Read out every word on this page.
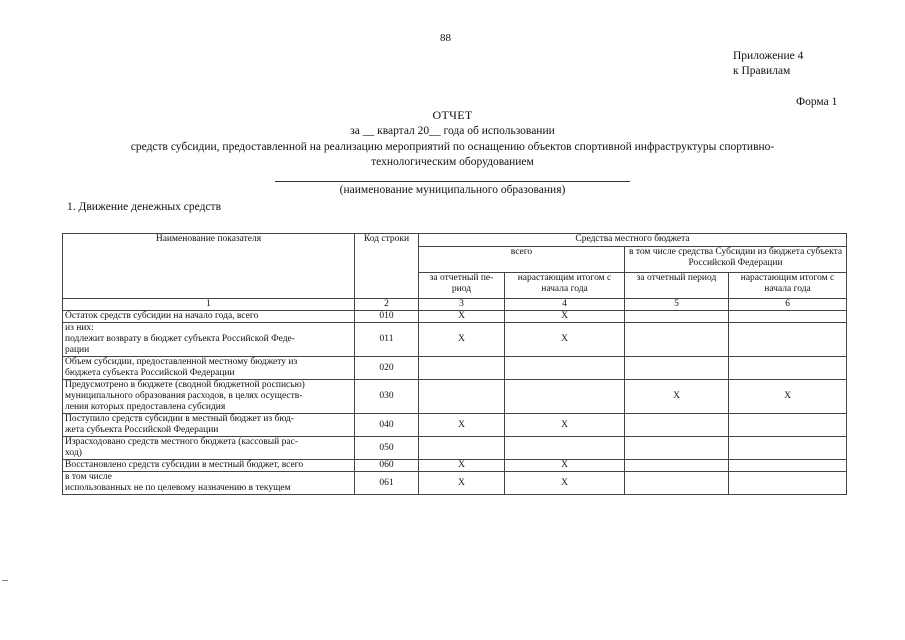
88
Приложение 4
к Правилам
Форма 1
ОТЧЕТ
за __ квартал 20__ года об использовании
средств субсидии, предоставленной на реализацию мероприятий по оснащению объектов спортивной инфраструктуры спортивно-
технологическим оборудованием
(наименование муниципального образования)
1. Движение денежных средств
Наименование показателя	Код строки	Средства местного бюджета			
		всего		в том числе средства Субсидии из бюджета субъекта Российской Федерации	
		за отчетный пе-риод	нарастающим итогом с начала года	за отчетный период	нарастающим итогом с начала года
1	2	3	4	5	6
Остаток средств субсидии на начало года, всего	010	X	X		
из них:
подлежит возврату в бюджет субъекта Российской Феде-
рации	011	X	X		
Объем субсидии, предоставленной местному бюджету из
бюджета субъекта Российской Федерации	020				
Предусмотрено в бюджете (сводной бюджетной росписью)
муниципального образования расходов, в целях осуществ-
ления которых предоставлена субсидия	030			X	X
Поступило средств субсидии в местный бюджет из бюд-
жета субъекта Российской Федерации	040	X	X		
Израсходовано средств местного бюджета (кассовый рас-
ход)	050				
Восстановлено средств субсидии в местный бюджет, всего	060	X	X		
в том числе
использованных не по целевому назначению в текущем	061	X	X		
